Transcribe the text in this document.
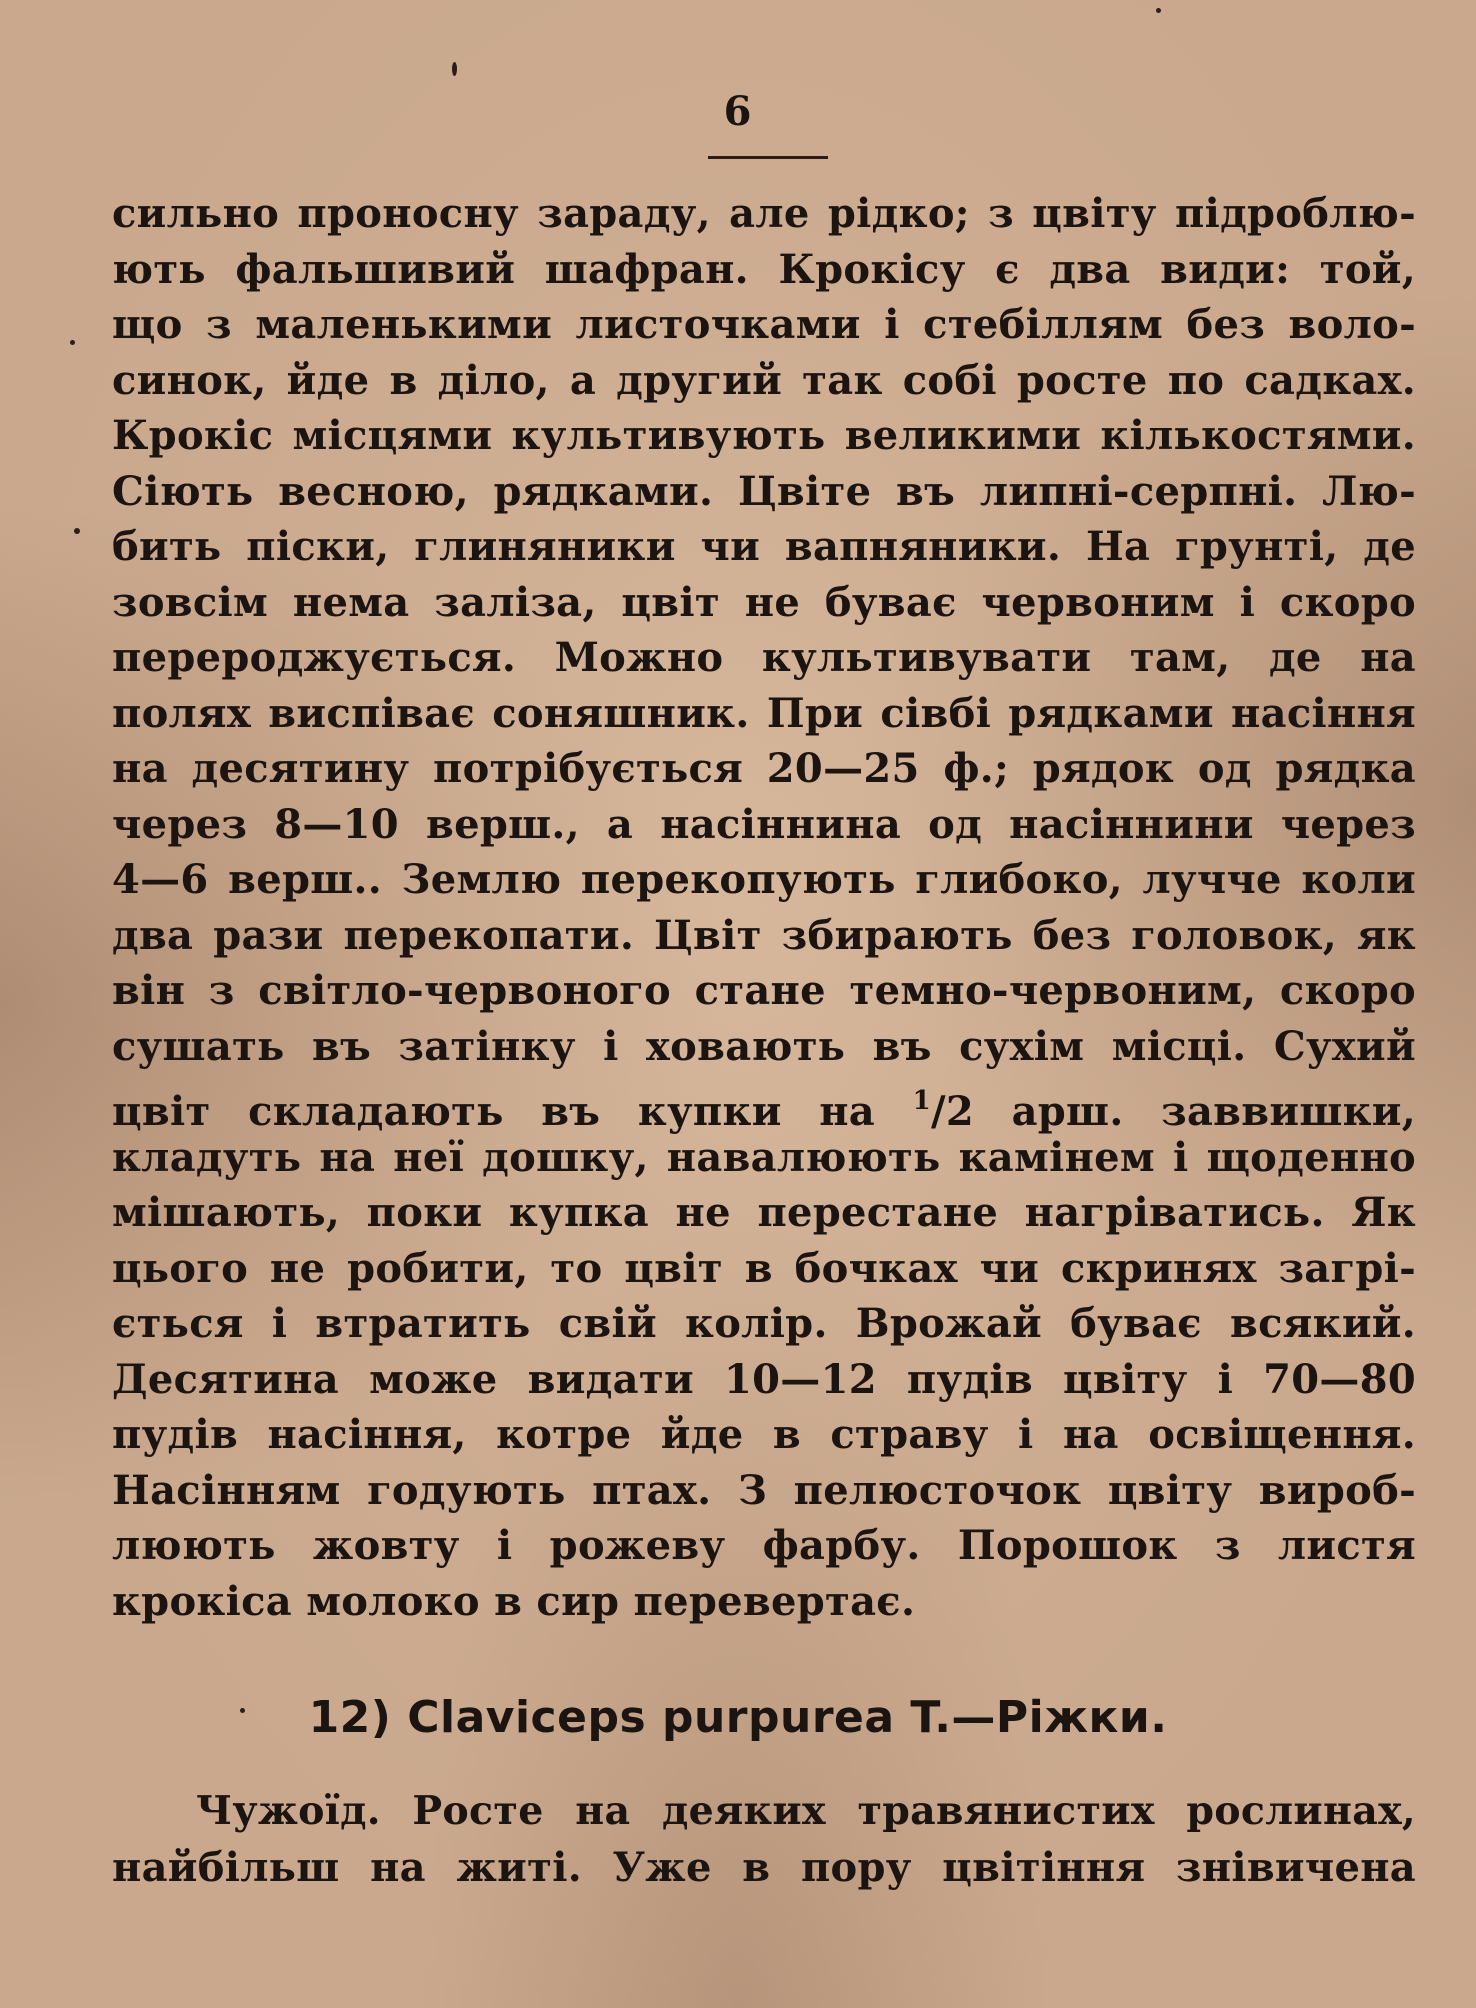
6
сильно проносну зараду, але рідко; з цвіту підроблю-
ють фальшивий шафран. Крокісу є два види: той,
що з маленькими листочками і стебіллям без воло-
синок, йде в діло, а другий так собі росте по садках.
Крокіс місцями культивують великими кількостями.
Сіють весною, рядками. Цвіте въ липні-серпні. Лю-
бить піски, глиняники чи вапняники. На грунті, де
зовсім нема заліза, цвіт не буває червоним і скоро
перероджується. Можно культивувати там, де на
полях виспіває соняшник. При сівбі рядками насіння
на десятину потрібується 20—25 ф.; рядок од рядка
через 8—10 верш., а насіннина од насіннини через
4—6 верш.. Землю перекопують глибоко, лучче коли
два рази перекопати. Цвіт збирають без головок, як
він з світло-червоного стане темно-червоним, скоро
сушать въ затінку і ховають въ сухім місці. Сухий
цвіт складають въ купки на $^1$/2 арш. заввишки,
кладуть на неї дошку, навалюють камінем і щоденно
мішають, поки купка не перестане нагріватись. Як
цього не робити, то цвіт в бочках чи скринях загрі-
ється і втратить свій колір. Врожай буває всякий.
Десятина може видати 10—12 пудів цвіту і 70—80
пудів насіння, котре йде в страву і на освіщення.
Насінням годують птах. З пелюсточок цвіту вироб-
люють жовту і рожеву фарбу. Порошок з листя
крокіса молоко в сир перевертає.
12) Claviceps purpurea T.—Ріжки.
Чужоїд. Росте на деяких травянистих рослинах,
найбільш на житі. Уже в пору цвітіння знівичена
